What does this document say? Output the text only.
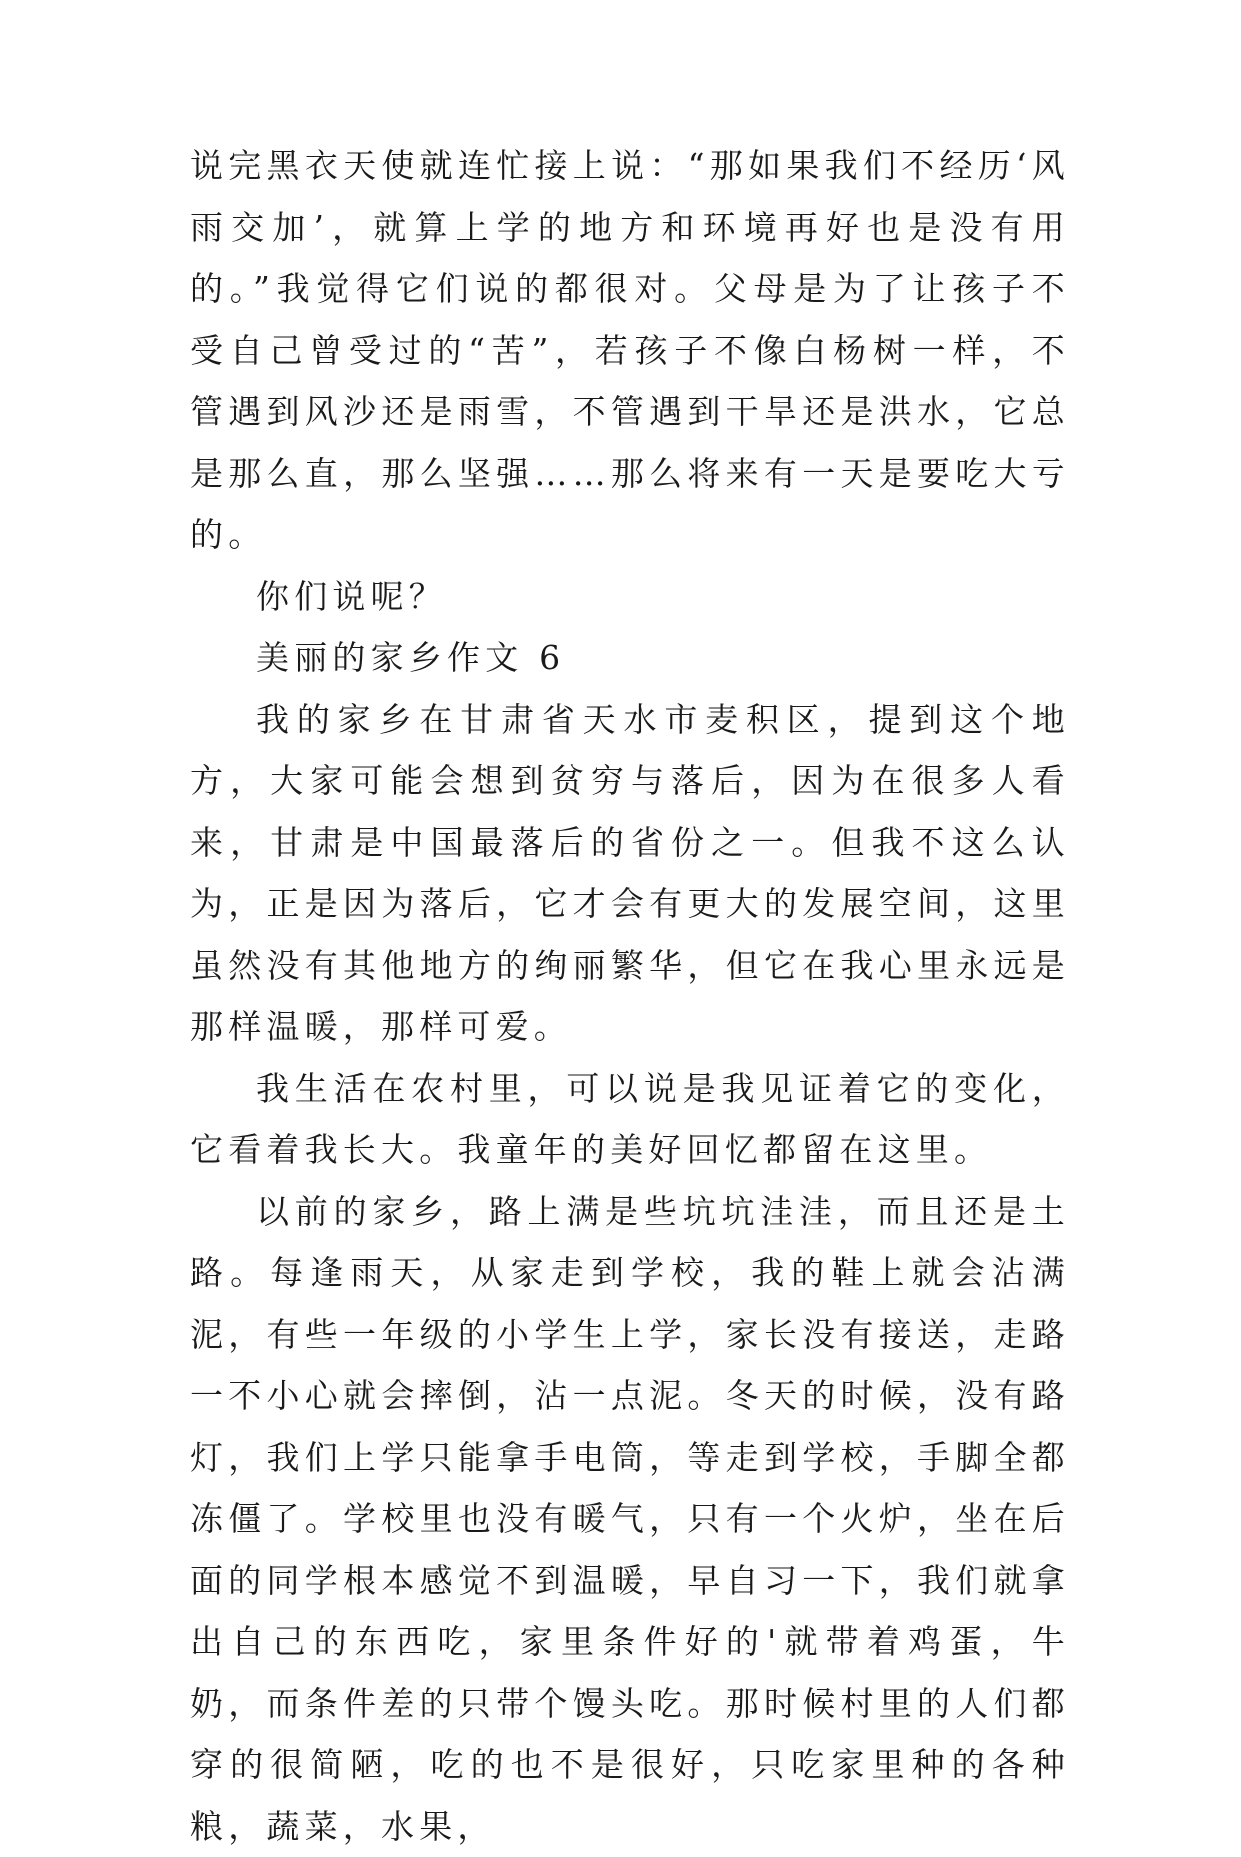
说完黑衣天使就连忙接上说：“那如果我们不经历‘风雨交加’，就算上学的地方和环境再好也是没有用的。”我觉得它们说的都很对。父母是为了让孩子不受自己曾受过的“苦”，若孩子不像白杨树一样，不管遇到风沙还是雨雪，不管遇到干旱还是洪水，它总是那么直，那么坚强……那么将来有一天是要吃大亏的。

你们说呢？

美丽的家乡作文 6

我的家乡在甘肃省天水市麦积区，提到这个地方，大家可能会想到贫穷与落后，因为在很多人看来，甘肃是中国最落后的省份之一。但我不这么认为，正是因为落后，它才会有更大的发展空间，这里虽然没有其他地方的绚丽繁华，但它在我心里永远是那样温暖，那样可爱。

我生活在农村里，可以说是我见证着它的变化，它看着我长大。我童年的美好回忆都留在这里。

以前的家乡，路上满是些坑坑洼洼，而且还是土路。每逢雨天，从家走到学校，我的鞋上就会沾满泥，有些一年级的小学生上学，家长没有接送，走路一不小心就会摔倒，沾一点泥。冬天的时候，没有路灯，我们上学只能拿手电筒，等走到学校，手脚全都冻僵了。学校里也没有暖气，只有一个火炉，坐在后面的同学根本感觉不到温暖，早自习一下，我们就拿出自己的东西吃，家里条件好的'就带着鸡蛋，牛奶，而条件差的只带个馒头吃。那时候村里的人们都穿的很简陋，吃的也不是很好，只吃家里种的各种粮，蔬菜，水果，
